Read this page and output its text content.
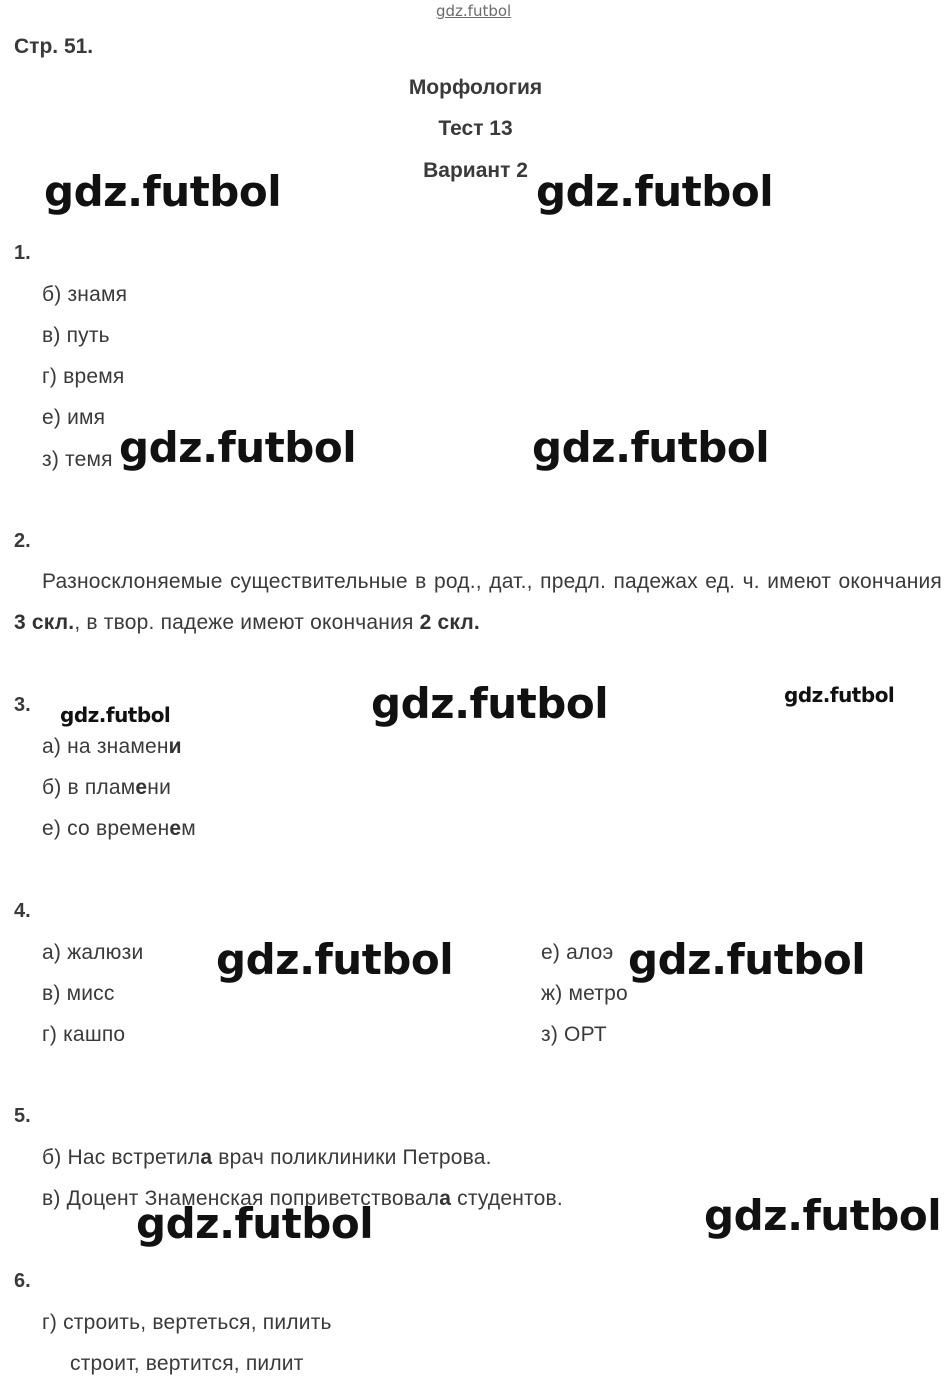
gdz.futbol
Стр. 51.
Морфология
Тест 13
Вариант 2
1.
б) знамя
в) путь
г) время
е) имя
з) темя
2.
Разносклоняемые существительные в род., дат., предл. падежах ед. ч. имеют окончания 3 скл., в твор. падеже имеют окончания 2 скл.
3.
а) на знамени
б) в пламени
е) со временем
4.
а) жалюзи
в) мисс
г) кашпо
е) алоэ
ж) метро
з) ОРТ
5.
б) Нас встретила врач поликлиники Петрова.
в) Доцент Знаменская поприветствовала студентов.
6.
г) строить, вертеться, пилить
строит, вертится, пилит
gdz.futbol	gdz.futbol
gdz.futbol	gdz.futbol
gdz.futbol	gdz.futbol	gdz.futbol
gdz.futbol	gdz.futbol
gdz.futbol	gdz.futbol
